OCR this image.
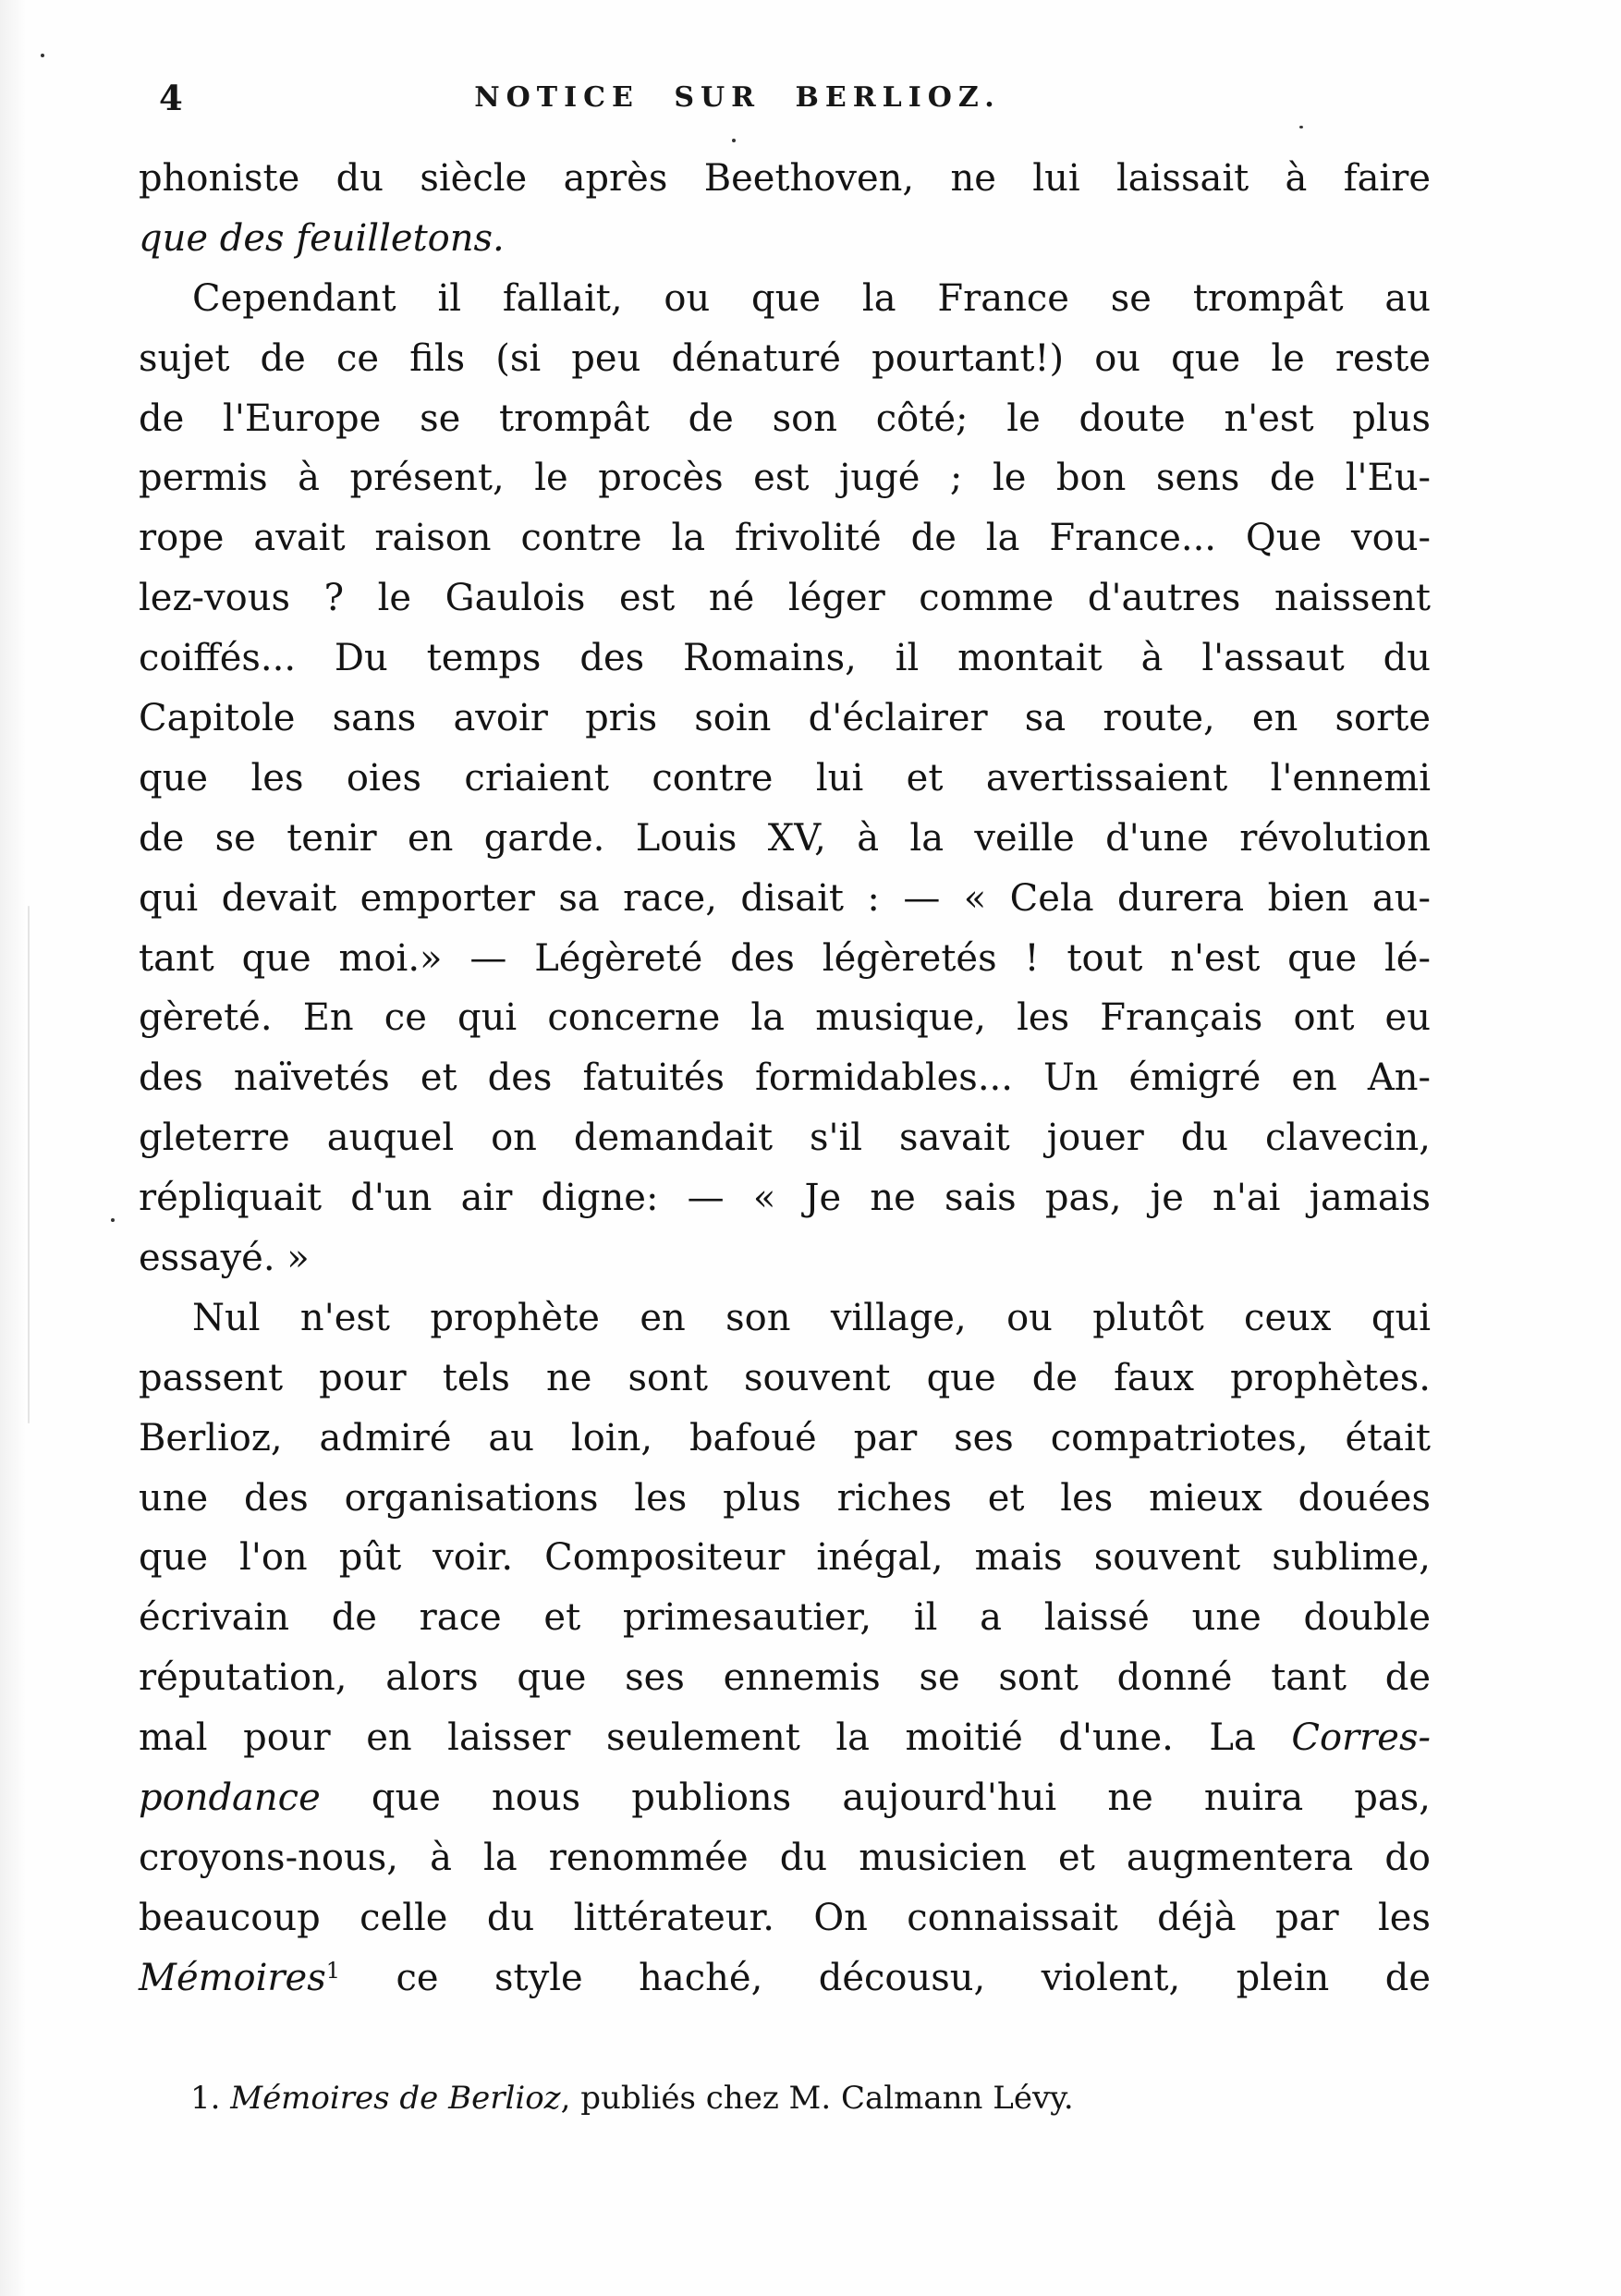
4	NOTICE SUR BERLIOZ.
phoniste du siècle après Beethoven, ne lui laissait à faire
que des feuilletons.
Cependant il fallait, ou que la France se trompât au
sujet de ce fils (si peu dénaturé pourtant!) ou que le reste
de l'Europe se trompât de son côté; le doute n'est plus
permis à présent, le procès est jugé ; le bon sens de l'Eu-
rope avait raison contre la frivolité de la France... Que vou-
lez-vous ? le Gaulois est né léger comme d'autres naissent
coiffés... Du temps des Romains, il montait à l'assaut du
Capitole sans avoir pris soin d'éclairer sa route, en sorte
que les oies criaient contre lui et avertissaient l'ennemi
de se tenir en garde. Louis XV, à la veille d'une révolution
qui devait emporter sa race, disait : — « Cela durera bien au-
tant que moi.» — Légèreté des légèretés ! tout n'est que lé-
gèreté. En ce qui concerne la musique, les Français ont eu
des naïvetés et des fatuités formidables... Un émigré en An-
gleterre auquel on demandait s'il savait jouer du clavecin,
répliquait d'un air digne: — « Je ne sais pas, je n'ai jamais
essayé. »
Nul n'est prophète en son village, ou plutôt ceux qui
passent pour tels ne sont souvent que de faux prophètes.
Berlioz, admiré au loin, bafoué par ses compatriotes, était
une des organisations les plus riches et les mieux douées
que l'on pût voir. Compositeur inégal, mais souvent sublime,
écrivain de race et primesautier, il a laissé une double
réputation, alors que ses ennemis se sont donné tant de
mal pour en laisser seulement la moitié d'une. La Corres-
pondance que nous publions aujourd'hui ne nuira pas,
croyons-nous, à la renommée du musicien et augmentera do
beaucoup celle du littérateur. On connaissait déjà par les
Mémoires$^1$ ce style haché, décousu, violent, plein de
1. Mémoires de Berlioz, publiés chez M. Calmann Lévy.
